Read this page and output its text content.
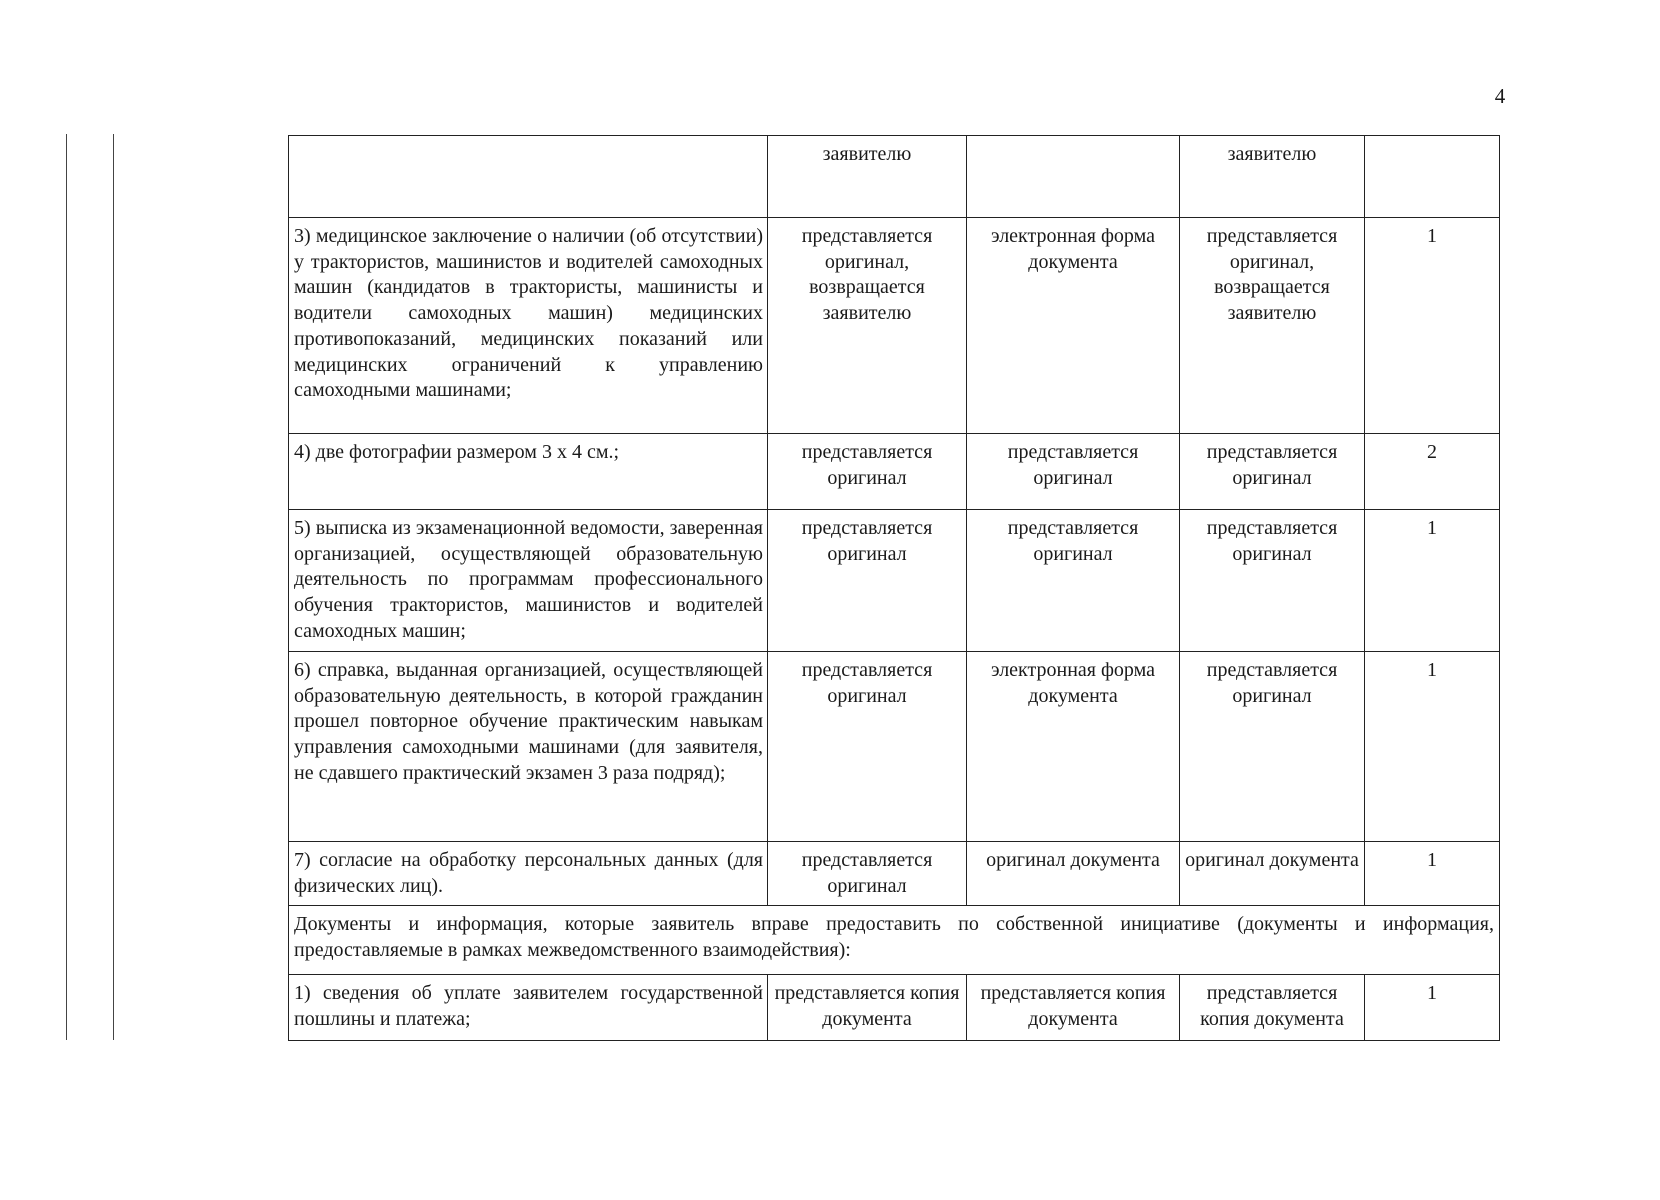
4
	заявителю		заявителю	
3) медицинское заключение о наличии (об отсутствии) у трактористов, машинистов и водителей самоходных машин (кандидатов в трактористы, машинисты и водители самоходных машин) медицинских противопоказаний, медицинских показаний или медицинских ограничений к управлению самоходными машинами;	представляется оригинал, возвращается заявителю	электронная форма документа	представляется оригинал, возвращается заявителю	1
4) две фотографии размером 3 х 4 см.;	представляется оригинал	представляется оригинал	представляется оригинал	2
5) выписка из экзаменационной ведомости, заверенная организацией, осуществляющей образовательную деятельность по программам профессионального обучения трактористов, машинистов и водителей самоходных машин;	представляется оригинал	представляется оригинал	представляется оригинал	1
6) справка, выданная организацией, осуществляющей образовательную деятельность, в которой гражданин прошел повторное обучение практическим навыкам управления самоходными машинами (для заявителя, не сдавшего практический экзамен 3 раза подряд);	представляется оригинал	электронная форма документа	представляется оригинал	1
7) согласие на обработку персональных данных (для физических лиц).	представляется оригинал	оригинал документа	оригинал документа	1
Документы и информация, которые заявитель вправе предоставить по собственной инициативе (документы и информация, предоставляемые в рамках межведомственного взаимодействия):				
1) сведения об уплате заявителем государственной пошлины и платежа;	представляется копия документа	представляется копия документа	представляется копия документа	1
